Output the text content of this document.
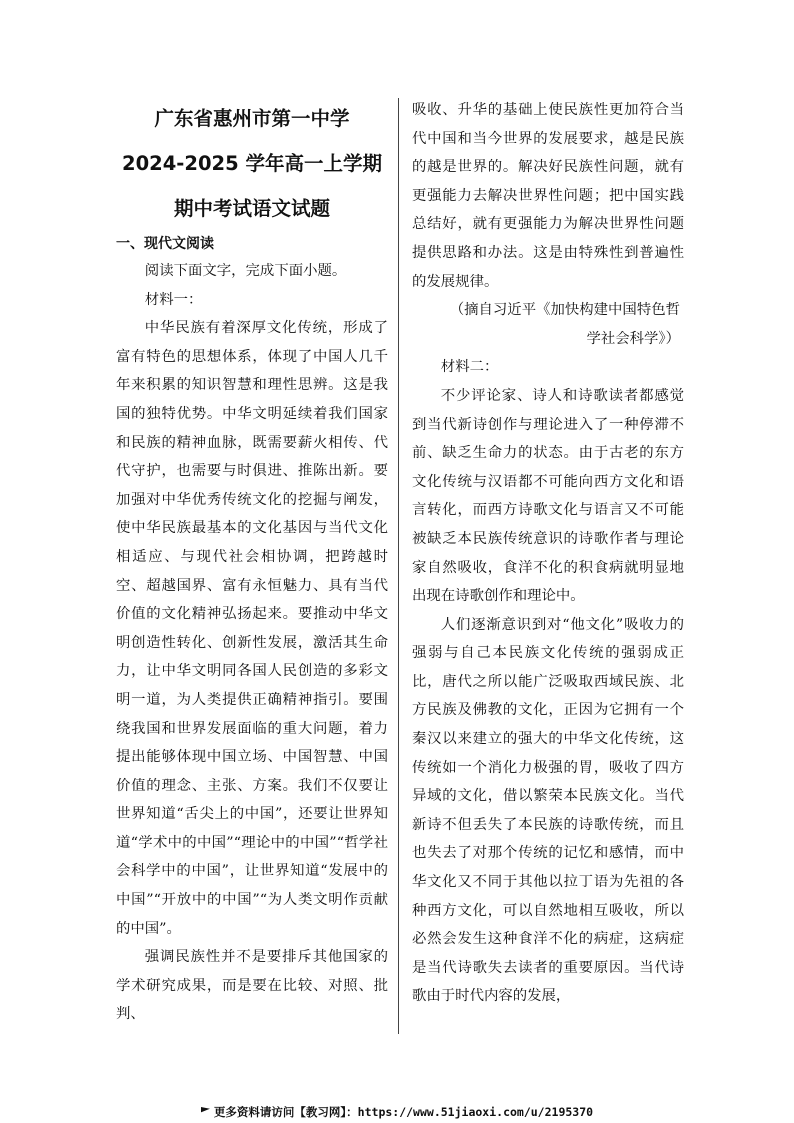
广东省惠州市第一中学
2024-2025 学年高一上学期
期中考试语文试题

一、现代文阅读

阅读下面文字，完成下面小题。

材料一：

中华民族有着深厚文化传统，形成了富有特色的思想体系，体现了中国人几千年来积累的知识智慧和理性思辨。这是我国的独特优势。中华文明延续着我们国家和民族的精神血脉，既需要薪火相传、代代守护，也需要与时俱进、推陈出新。要加强对中华优秀传统文化的挖掘与阐发，使中华民族最基本的文化基因与当代文化相适应、与现代社会相协调，把跨越时空、超越国界、富有永恒魅力、具有当代价值的文化精神弘扬起来。要推动中华文明创造性转化、创新性发展，激活其生命力，让中华文明同各国人民创造的多彩文明一道，为人类提供正确精神指引。要围绕我国和世界发展面临的重大问题，着力提出能够体现中国立场、中国智慧、中国价值的理念、主张、方案。我们不仅要让世界知道“舌尖上的中国”，还要让世界知道“学术中的中国”“理论中的中国”“哲学社会科学中的中国”，让世界知道“发展中的中国”“开放中的中国”“为人类文明作贡献的中国”。

强调民族性并不是要排斥其他国家的学术研究成果，而是要在比较、对照、批判、

吸收、升华的基础上使民族性更加符合当代中国和当今世界的发展要求，越是民族的越是世界的。解决好民族性问题，就有更强能力去解决世界性问题；把中国实践总结好，就有更强能力为解决世界性问题提供思路和办法。这是由特殊性到普遍性的发展规律。

（摘自习近平《加快构建中国特色哲

学社会科学》）

材料二：

不少评论家、诗人和诗歌读者都感觉到当代新诗创作与理论进入了一种停滞不前、缺乏生命力的状态。由于古老的东方文化传统与汉语都不可能向西方文化和语言转化，而西方诗歌文化与语言又不可能被缺乏本民族传统意识的诗歌作者与理论家自然吸收，食洋不化的积食病就明显地出现在诗歌创作和理论中。

人们逐渐意识到对“他文化”吸收力的强弱与自己本民族文化传统的强弱成正比，唐代之所以能广泛吸取西域民族、北方民族及佛教的文化，正因为它拥有一个秦汉以来建立的强大的中华文化传统，这传统如一个消化力极强的胃，吸收了四方异域的文化，借以繁荣本民族文化。当代新诗不但丢失了本民族的诗歌传统，而且也失去了对那个传统的记忆和感情，而中华文化又不同于其他以拉丁语为先祖的各种西方文化，可以自然地相互吸收，所以必然会发生这种食洋不化的病症，这病症是当代诗歌失去读者的重要原因。当代诗歌由于时代内容的发展，

更多资料请访问【教习网】：https://www.51jiaoxi.com/u/2195370
